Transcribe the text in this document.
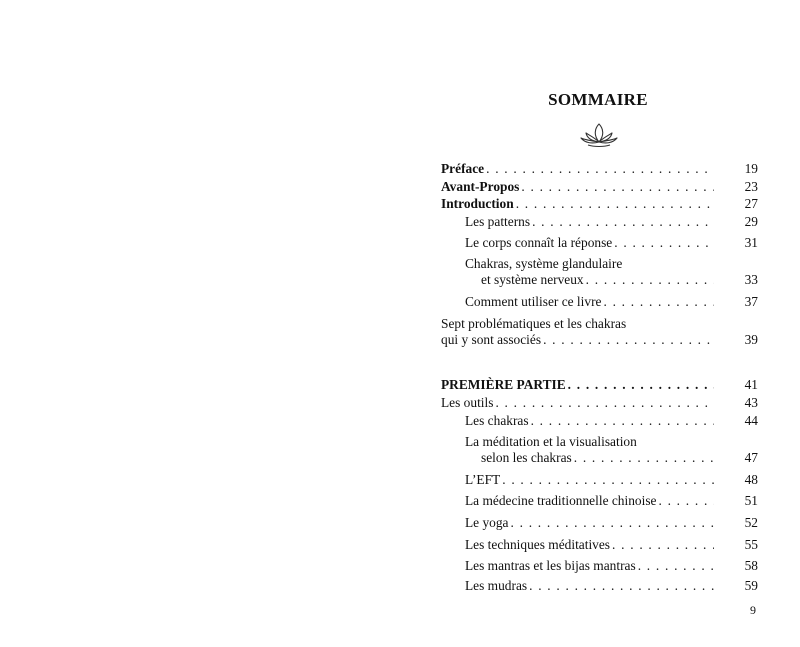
SOMMAIRE
Préface . . .	19
Avant-Propos . . .	23
Introduction . . .	27
Les patterns . . .	29
Le corps connaît la réponse . . .	31
Chakras, système glandulaire
et système nerveux . . .	33
Comment utiliser ce livre . . .	37
Sept problématiques et les chakras
qui y sont associés . . .	39
PREMIÈRE PARTIE . . .	41
Les outils . . .	43
Les chakras . . .	44
La méditation et la visualisation
selon les chakras . . .	47
L’EFT . . .	48
La médecine traditionnelle chinoise . . .	51
Le yoga . . .	52
Les techniques méditatives . . .	55
Les mantras et les bijas mantras . . .	58
Les mudras . . .	59
9
